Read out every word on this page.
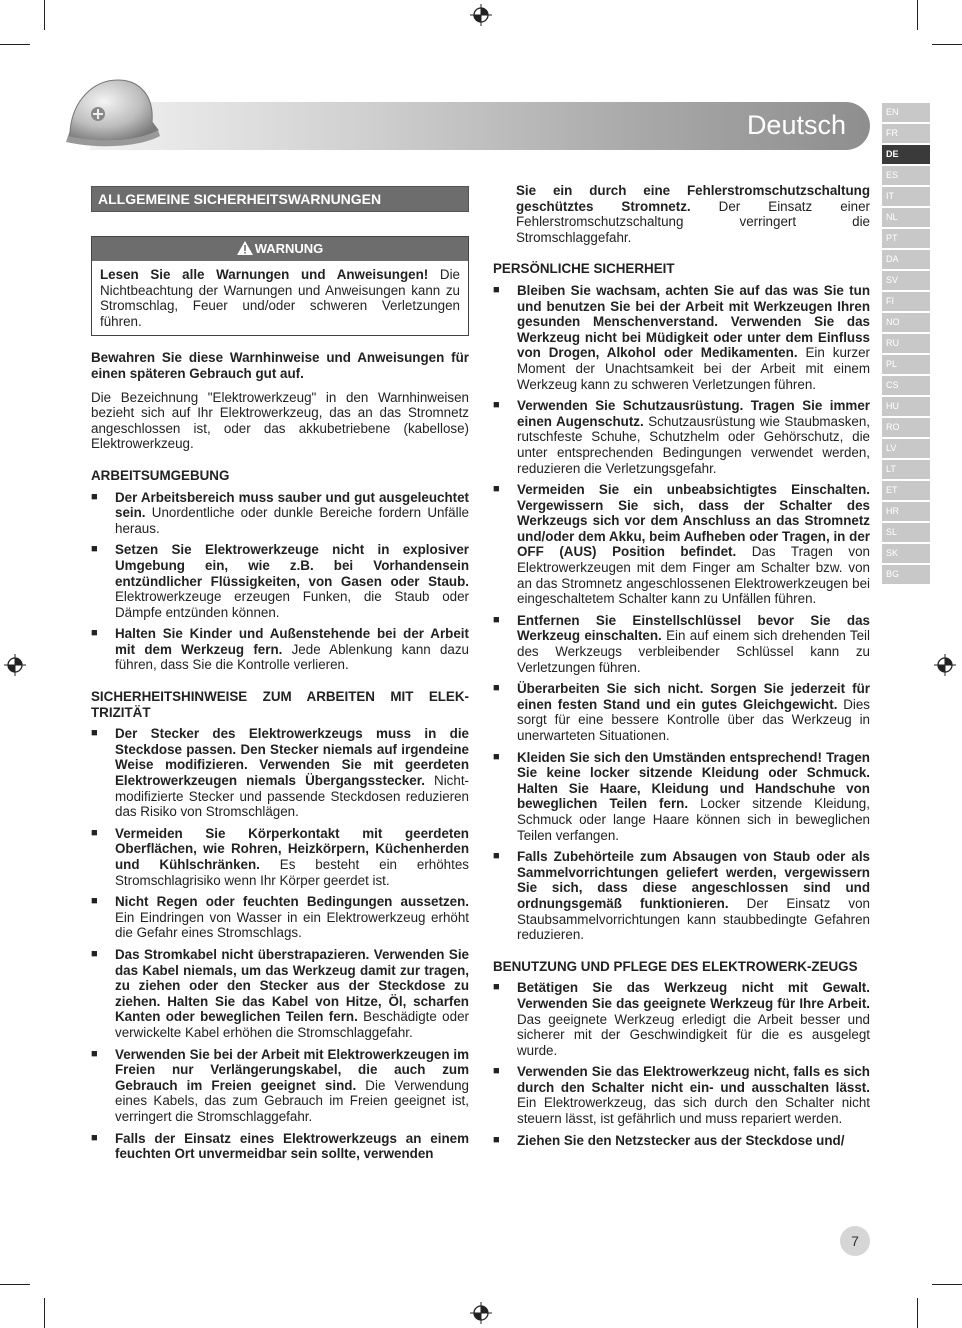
Deutsch	EN
FR
DE
ES
IT
NL
PT
DA
SV
FI
NO
RU
PL
CS
HU
RO
LV
LT
ET
HR
SL
SK
BG
ALLGEMEINE SICHERHEITSWARNUNGEN
WARNUNG
Lesen Sie alle Warnungen und Anweisungen! Die Nichtbeachtung der Warnungen und Anweisungen kann zu Stromschlag, Feuer und/oder schweren Verletzungen führen.

Bewahren Sie diese Warnhinweise und Anweisungen für einen späteren Gebrauch gut auf.

Die Bezeichnung "Elektrowerkzeug" in den Warnhinweisen bezieht sich auf Ihr Elektrowerkzeug, das an das Stromnetz angeschlossen ist, oder das akkubetriebene (kabellose) Elektrowerkzeug.

ARBEITSUMGEBUNG
■ Der Arbeitsbereich muss sauber und gut ausgeleuchtet sein. Unordentliche oder dunkle Bereiche fordern Unfälle heraus.
■ Setzen Sie Elektrowerkzeuge nicht in explosiver Umgebung ein, wie z.B. bei Vorhandensein entzündlicher Flüssigkeiten, von Gasen oder Staub. Elektrowerkzeuge erzeugen Funken, die Staub oder Dämpfe entzünden können.
■ Halten Sie Kinder und Außenstehende bei der Arbeit mit dem Werkzeug fern. Jede Ablenkung kann dazu führen, dass Sie die Kontrolle verlieren.
SICHERHEITSHINWEISE ZUM ARBEITEN MIT ELEK-TRIZITÄT
■ Der Stecker des Elektrowerkzeugs muss in die Steckdose passen. Den Stecker niemals auf irgendeine Weise modifizieren. Verwenden Sie mit geerdeten Elektrowerkzeugen niemals Übergangsstecker. Nicht-modifizierte Stecker und passende Steckdosen reduzieren das Risiko von Stromschlägen.
■ Vermeiden Sie Körperkontakt mit geerdeten Oberflächen, wie Rohren, Heizkörpern, Küchenherden und Kühlschränken. Es besteht ein erhöhtes Stromschlagrisiko wenn Ihr Körper geerdet ist.
■ Nicht Regen oder feuchten Bedingungen aussetzen. Ein Eindringen von Wasser in ein Elektrowerkzeug erhöht die Gefahr eines Stromschlags.
■ Das Stromkabel nicht überstrapazieren. Verwenden Sie das Kabel niemals, um das Werkzeug damit zur tragen, zu ziehen oder den Stecker aus der Steckdose zu ziehen. Halten Sie das Kabel von Hitze, Öl, scharfen Kanten oder beweglichen Teilen fern. Beschädigte oder verwickelte Kabel erhöhen die Stromschlaggefahr.
■ Verwenden Sie bei der Arbeit mit Elektrowerkzeugen im Freien nur Verlängerungskabel, die auch zum Gebrauch im Freien geeignet sind. Die Verwendung eines Kabels, das zum Gebrauch im Freien geeignet ist, verringert die Stromschlaggefahr.
■ Falls der Einsatz eines Elektrowerkzeugs an einem feuchten Ort unvermeidbar sein sollte, verwenden

Sie ein durch eine Fehlerstromschutzschaltung geschütztes Stromnetz. Der Einsatz einer Fehlerstromschutzschaltung verringert die Stromschlaggefahr.

PERSÖNLICHE SICHERHEIT
■ Bleiben Sie wachsam, achten Sie auf das was Sie tun und benutzen Sie bei der Arbeit mit Werkzeugen Ihren gesunden Menschenverstand. Verwenden Sie das Werkzeug nicht bei Müdigkeit oder unter dem Einfluss von Drogen, Alkohol oder Medikamenten. Ein kurzer Moment der Unachtsamkeit bei der Arbeit mit einem Werkzeug kann zu schweren Verletzungen führen.
■ Verwenden Sie Schutzausrüstung. Tragen Sie immer einen Augenschutz. Schutzausrüstung wie Staubmasken, rutschfeste Schuhe, Schutzhelm oder Gehörschutz, die unter entsprechenden Bedingungen verwendet werden, reduzieren die Verletzungsgefahr.
■ Vermeiden Sie ein unbeabsichtigtes Einschalten. Vergewissern Sie sich, dass der Schalter des Werkzeugs sich vor dem Anschluss an das Stromnetz und/oder dem Akku, beim Aufheben oder Tragen, in der OFF (AUS) Position befindet. Das Tragen von Elektrowerkzeugen mit dem Finger am Schalter bzw. von an das Stromnetz angeschlossenen Elektrowerkzeugen bei eingeschaltetem Schalter kann zu Unfällen führen.
■ Entfernen Sie Einstellschlüssel bevor Sie das Werkzeug einschalten. Ein auf einem sich drehenden Teil des Werkzeugs verbleibender Schlüssel kann zu Verletzungen führen.
■ Überarbeiten Sie sich nicht. Sorgen Sie jederzeit für einen festen Stand und ein gutes Gleichgewicht. Dies sorgt für eine bessere Kontrolle über das Werkzeug in unerwarteten Situationen.
■ Kleiden Sie sich den Umständen entsprechend! Tragen Sie keine locker sitzende Kleidung oder Schmuck. Halten Sie Haare, Kleidung und Handschuhe von beweglichen Teilen fern. Locker sitzende Kleidung, Schmuck oder lange Haare können sich in beweglichen Teilen verfangen.
■ Falls Zubehörteile zum Absaugen von Staub oder als Sammelvorrichtungen geliefert werden, vergewissern Sie sich, dass diese angeschlossen sind und ordnungsgemäß funktionieren. Der Einsatz von Staubsammelvorrichtungen kann staubbedingte Gefahren reduzieren.
BENUTZUNG UND PFLEGE DES ELEKTROWERK-ZEUGS
■ Betätigen Sie das Werkzeug nicht mit Gewalt. Verwenden Sie das geeignete Werkzeug für Ihre Arbeit. Das geeignete Werkzeug erledigt die Arbeit besser und sicherer mit der Geschwindigkeit für die es ausgelegt wurde.
■ Verwenden Sie das Elektrowerkzeug nicht, falls es sich durch den Schalter nicht ein- und ausschalten lässt. Ein Elektrowerkzeug, das sich durch den Schalter nicht steuern lässt, ist gefährlich und muss repariert werden.
■ Ziehen Sie den Netzstecker aus der Steckdose und/
7
